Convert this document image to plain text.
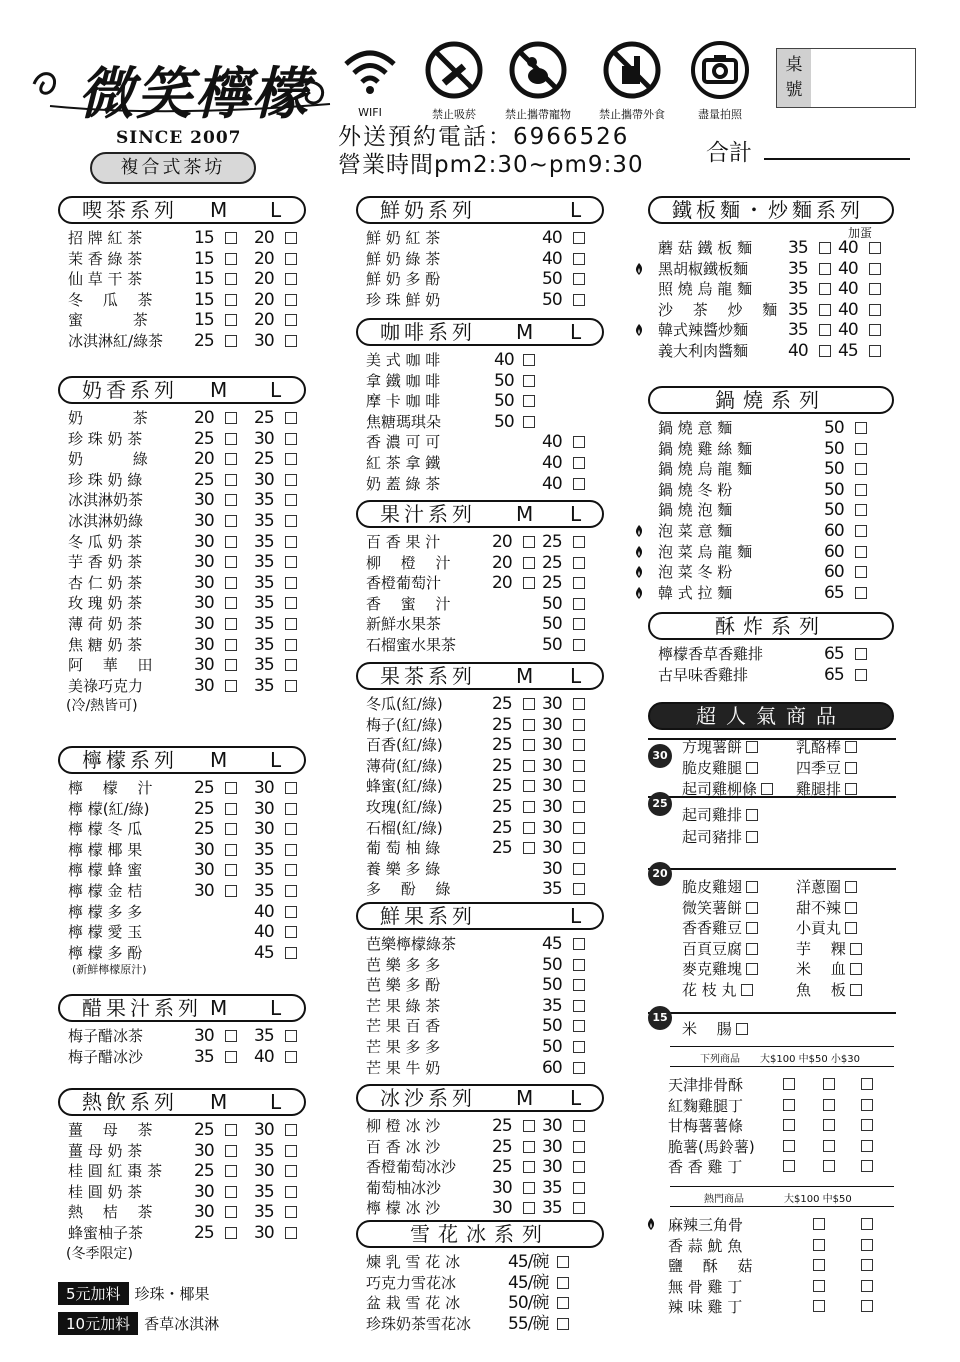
微笑檸檬
SINCE 2007
複合式茶坊
WIFI	禁止吸菸	禁止攜帶寵物	禁止攜帶外食	盡量拍照
桌
號
外送預約電話：6966526
營業時間pm2:30~pm9:30	合計
喫茶系列 M L
招 牌 紅 茶	15 20
茉 香 綠 茶	15 20
仙 草 干 茶	15 20
冬　 瓜　 茶 15 20
蜜　　　 茶	15 20
冰淇淋紅/綠茶 25 30
奶香系列 M L
奶　　　 茶	20 25
珍 珠 奶 茶	25 30
奶　　　 綠	20 25
珍 珠 奶 綠	25 30
冰淇淋奶茶	30 35
冰淇淋奶綠	30 35
冬 瓜 奶 茶	30 35
芋 香 奶 茶	30 35
杏 仁 奶 茶	30 35
玫 瑰 奶 茶	30 35
薄 荷 奶 茶	30 35
焦 糖 奶 茶	30 35
阿　 華　 田 30 35
美祿巧克力	30 35
(冷/熱皆可)
檸檬系列 M L
檸　 檬　 汁 25 30
檸 檬(紅/綠)	25 30
檸 檬 冬 瓜	25 30
檸 檬 椰 果	30 35
檸 檬 蜂 蜜	30 35
檸 檬 金 桔	30 35
檸 檬 多 多	40
檸 檬 愛 玉	40
檸 檬 多 酚	45
(新鮮檸檬原汁)
醋果汁系列 M L
梅子醋冰茶	30 35
梅子醋冰沙	35 40
熱飲系列 M L
薑　 母　 茶 25 30
薑 母 奶 茶	30 35
桂 圓 紅 棗 茶 25 30
桂 圓 奶 茶	30 35
熱　 桔　 茶 30 35
蜂蜜柚子茶	25 30
(冬季限定)
5元加料 珍珠・椰果
10元加料 香草冰淇淋
鮮奶系列	L
鮮 奶 紅 茶	40
鮮 奶 綠 茶	40
鮮 奶 多 酚	50
珍 珠 鮮 奶	50
咖啡系列 M L
美 式 咖 啡	40
拿 鐵 咖 啡	50
摩 卡 咖 啡	50
焦糖瑪琪朵	50
香 濃 可 可	40
紅 茶 拿 鐵	40
奶 蓋 綠 茶	40
果汁系列 M L
百 香 果 汁	20 25
柳　 橙　 汁 20 25
香橙葡萄汁	20 25
香　 蜜　 汁	50
新鮮水果茶	50
石榴蜜水果茶	50
果茶系列 M L
冬瓜(紅/綠)	25 30
梅子(紅/綠)	25 30
百香(紅/綠)	25 30
薄荷(紅/綠)	25 30
蜂蜜(紅/綠)	25 30
玫瑰(紅/綠)	25 30
石榴(紅/綠)	25 30
葡 萄 柚 綠	25 30
養 樂 多 綠	30
多　 酚　 綠	35
鮮果系列	L
芭樂檸檬綠茶	45
芭 樂 多 多	50
芭 樂 多 酚	50
芒 果 綠 茶	35
芒 果 百 香	50
芒 果 多 多	50
芒 果 牛 奶	60
冰沙系列 M L
柳 橙 冰 沙	25 30
百 香 冰 沙	25 30
香橙葡萄冰沙 25 30
葡萄柚冰沙	30 35
檸 檬 冰 沙	30 35
雪花冰系列
煉 乳 雪 花 冰	45/碗
巧克力雪花冰	45/碗
盆 栽 雪 花 冰	50/碗
珍珠奶茶雪花冰 55/碗
鐵板麵・炒麵系列
加蛋
蘑 菇 鐵 板 麵 35 40
黑胡椒鐵板麵 35 40
照 燒 烏 龍 麵 35 40
沙　 茶　 炒　 麵 35 40
韓式辣醬炒麵 35 40
義大利肉醬麵 40 45
鍋燒系列
鍋 燒 意 麵	50
鍋 燒 雞 絲 麵	50
鍋 燒 烏 龍 麵	50
鍋 燒 冬 粉	50
鍋 燒 泡 麵	50
泡 菜 意 麵	60
泡 菜 烏 龍 麵	60
泡 菜 冬 粉	60
韓 式 拉 麵	65
酥炸系列
檸檬香草香雞排	65
古早味香雞排	65
超人氣商品
30 方塊薯餅	乳酪棒
脆皮雞腿	四季豆
起司雞柳條	雞腿排
25
起司雞排
起司豬排
20
脆皮雞翅	洋蔥圈
微笑薯餅	甜不辣
香香雞豆	小貢丸
百頁豆腐	芋　 粿
麥克雞塊	米　 血
花 枝 丸	魚　 板
15
米　 腸
下列商品　　大$100 中$50 小$30
天津排骨酥
紅麴雞腿丁
甘梅薯薯條
脆薯(馬鈴薯)
香 香 雞 丁
熱門商品　　　　大$100 中$50
麻辣三角骨
香 蒜 魷 魚
鹽　 酥　 菇
無 骨 雞 丁
辣 味 雞 丁
